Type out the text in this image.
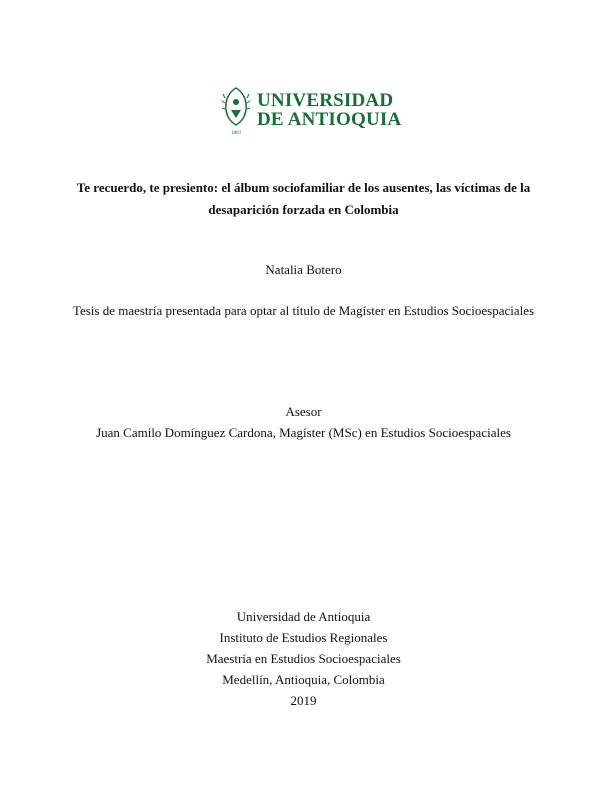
1803
UNIVERSIDAD
DE ANTIOQUIA

Te recuerdo, te presiento: el álbum sociofamiliar de los ausentes, las víctimas de la desaparición forzada en Colombia

Natalia Botero
Tesis de maestría presentada para optar al título de Magíster en Estudios Socioespaciales
Asesor
Juan Camilo Domínguez Cardona, Magíster (MSc) en Estudios Socioespaciales
Universidad de Antioquia
Instituto de Estudios Regionales
Maestría en Estudios Socioespaciales
Medellín, Antioquia, Colombia
2019
